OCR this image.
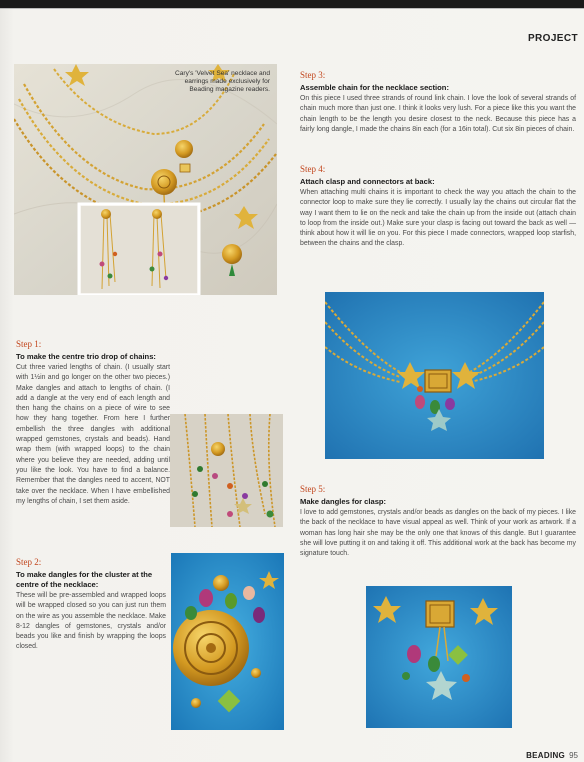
PROJECT
Cary's 'Velvet Sea' necklace and earrings made exclusively for Beading magazine readers.
Step 1:
To make the centre trio drop of chains:
Cut three varied lengths of chain. (I usually start with 1½in and go longer on the other two pieces.) Make dangles and attach to lengths of chain. (I add a dangle at the very end of each length and then hang the chains on a piece of wire to see how they hang together. From here I further embellish the three dangles with additional wrapped gemstones, crystals and beads). Hand wrap them (with wrapped loops) to the chain where you believe they are needed, adding until you like the look. You have to find a balance. Remember that the dangles need to accent, NOT take over the necklace. When I have embellished my lengths of chain, I set them aside.
Step 2:
To make dangles for the cluster at the centre of the necklace:
These will be pre-assembled and wrapped loops will be wrapped closed so you can just run them on the wire as you assemble the necklace. Make 8-12 dangles of gemstones, crystals and/or beads you like and finish by wrapping the loops closed.
Step 3:
Assemble chain for the necklace section:
On this piece I used three strands of round link chain. I love the look of several strands of chain much more than just one. I think it looks very lush. For a piece like this you want the chain length to be the length you desire closest to the neck. Because this piece has a fairly long dangle, I made the chains 8in each (for a 16in total). Cut six 8in pieces of chain.
Step 4:
Attach clasp and connectors at back:
When attaching multi chains it is important to check the way you attach the chain to the connector loop to make sure they lie correctly. I usually lay the chains out circular flat the way I want them to lie on the neck and take the chain up from the inside out (attach chain to loop from the inside out.) Make sure your clasp is facing out toward the back as well — think about how it will lie on you. For this piece I made connectors, wrapped loop starfish, between the chains and the clasp.
Step 5:
Make dangles for clasp:
I love to add gemstones, crystals and/or beads as dangles on the back of my pieces. I like the back of the necklace to have visual appeal as well. Think of your work as artwork. If a woman has long hair she may be the only one that knows of this dangle. But I guarantee she will love putting it on and taking it off. This additional work at the back has become my signature touch.
BEADING 95
